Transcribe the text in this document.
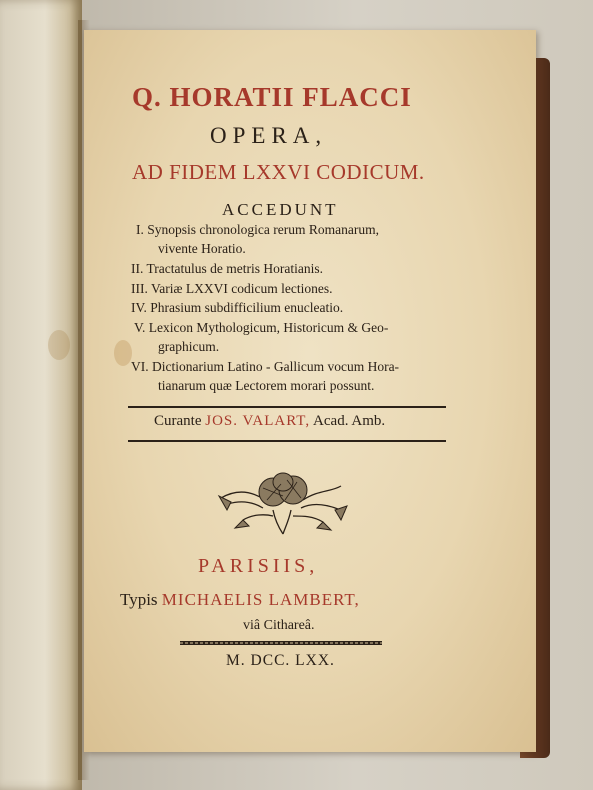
Q. HORATII FLACCI
OPERA,
AD FIDEM LXXVI CODICUM.
ACCEDUNT
I. Synopsis chronologica rerum Romanarum,
vivente Horatio.
II. Tractatulus de metris Horatianis.
III. Variæ LXXVI codicum lectiones.
IV. Phrasium subdifficilium enucleatio.
V. Lexicon Mythologicum, Historicum & Geo-
graphicum.
VI. Dictionarium Latino - Gallicum vocum Hora-
tianarum quæ Lectorem morari possunt.
Curante JOS. VALART, Acad. Amb.
PARISIIS,
Typis MICHAELIS LAMBERT,
viâ Cithareâ.
M. DCC. LXX.
